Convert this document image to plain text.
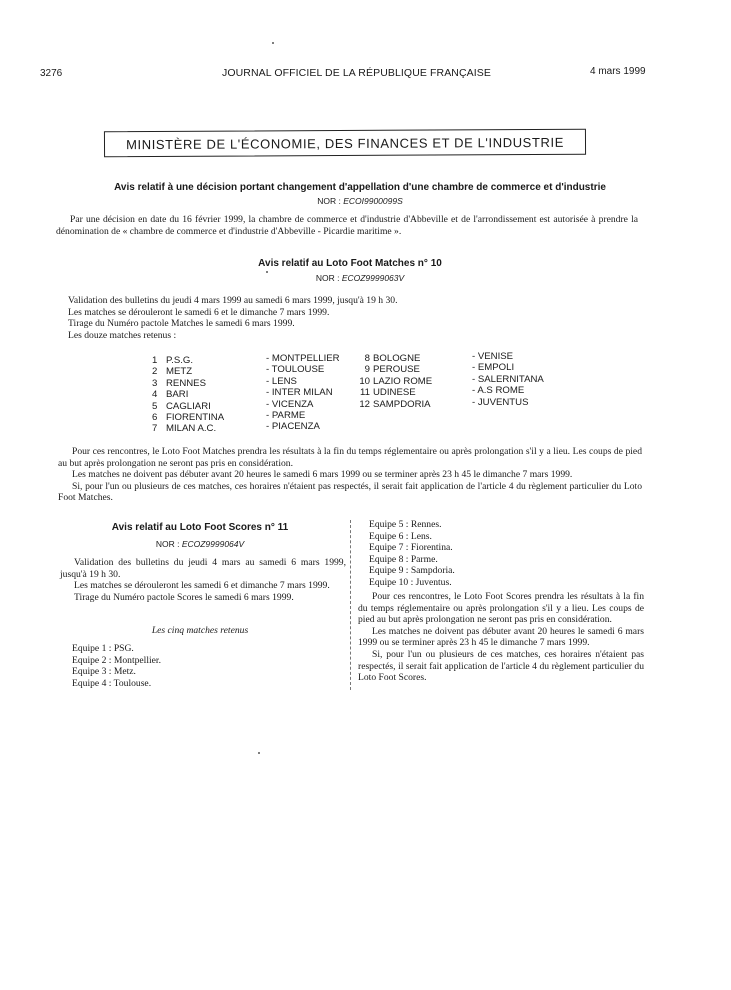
3276	JOURNAL OFFICIEL DE LA RÉPUBLIQUE FRANÇAISE	4 mars 1999
MINISTÈRE DE L'ÉCONOMIE, DES FINANCES ET DE L'INDUSTRIE
Avis relatif à une décision portant changement d'appellation d'une chambre de commerce et d'industrie
NOR : ECOI9900099S

Par une décision en date du 16 février 1999, la chambre de commerce et d'industrie d'Abbeville et de l'arrondissement est autorisée à prendre la dénomination de « chambre de commerce et d'industrie d'Abbeville - Picardie maritime ».

Avis relatif au Loto Foot Matches n° 10
NOR : ECOZ9999063V

Validation des bulletins du jeudi 4 mars 1999 au samedi 6 mars 1999, jusqu'à 19 h 30.

Les matches se dérouleront le samedi 6 et le dimanche 7 mars 1999.

Tirage du Numéro pactole Matches le samedi 6 mars 1999.

Les douze matches retenus :

1
2
3
4
5
6
7
P.S.G.
METZ
RENNES
BARI
CAGLIARI
FIORENTINA
MILAN A.C.
- MONTPELLIER
- TOULOUSE
- LENS
- INTER MILAN
- VICENZA
- PARME
- PIACENZA
8
9
10
11
12
BOLOGNE
PEROUSE
LAZIO ROME
UDINESE
SAMPDORIA
- VENISE
- EMPOLI
- SALERNITANA
- A.S ROME
- JUVENTUS

Pour ces rencontres, le Loto Foot Matches prendra les résultats à la fin du temps réglementaire ou après prolongation s'il y a lieu. Les coups de pied au but après prolongation ne seront pas pris en considération.

Les matches ne doivent pas débuter avant 20 heures le samedi 6 mars 1999 ou se terminer après 23 h 45 le dimanche 7 mars 1999.

Si, pour l'un ou plusieurs de ces matches, ces horaires n'étaient pas respectés, il serait fait application de l'article 4 du règlement particulier du Loto Foot Matches.

Avis relatif au Loto Foot Scores n° 11
NOR : ECOZ9999064V

Validation des bulletins du jeudi 4 mars au samedi 6 mars 1999, jusqu'à 19 h 30.

Les matches se dérouleront les samedi 6 et dimanche 7 mars 1999.

Tirage du Numéro pactole Scores le samedi 6 mars 1999.

Les cinq matches retenus
Equipe 1 : PSG.
Equipe 2 : Montpellier.
Equipe 3 : Metz.
Equipe 4 : Toulouse.
Equipe 5 : Rennes.
Equipe 6 : Lens.
Equipe 7 : Fiorentina.
Equipe 8 : Parme.
Equipe 9 : Sampdoria.
Equipe 10 : Juventus.

Pour ces rencontres, le Loto Foot Scores prendra les résultats à la fin du temps réglementaire ou après prolongation s'il y a lieu. Les coups de pied au but après prolongation ne seront pas pris en considération.

Les matches ne doivent pas débuter avant 20 heures le samedi 6 mars 1999 ou se terminer après 23 h 45 le dimanche 7 mars 1999.

Si, pour l'un ou plusieurs de ces matches, ces horaires n'étaient pas respectés, il serait fait application de l'article 4 du règlement particulier du Loto Foot Scores.
